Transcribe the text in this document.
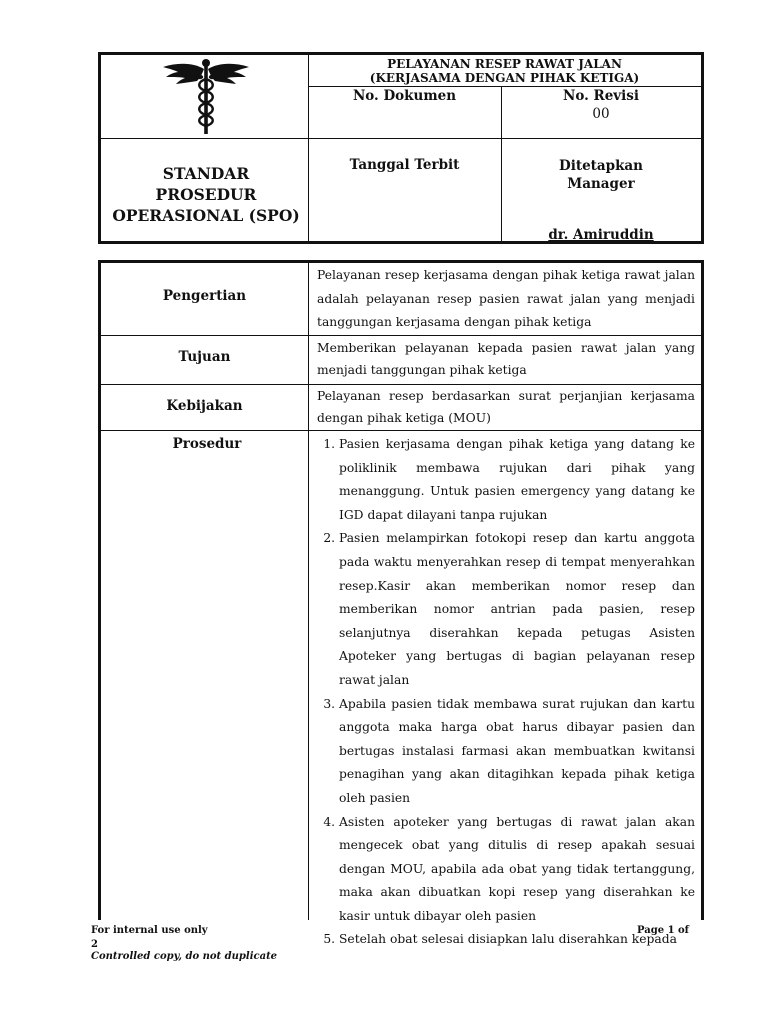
PELAYANAN RESEP RAWAT JALAN
(KERJASAMA DENGAN PIHAK KETIGA)
No. Dokumen	No. Revisi
00
STANDAR
PROSEDUR
OPERASIONAL (SPO)
Tanggal Terbit	Ditetapkan
Manager
dr. Amiruddin
Pengertian

Pelayanan resep kerjasama dengan pihak ketiga rawat jalan adalah pelayanan resep pasien rawat jalan yang menjadi tanggungan kerjasama dengan pihak ketiga

Tujuan

Memberikan pelayanan kepada pasien rawat jalan yang menjadi tanggungan pihak ketiga

Kebijakan

Pelayanan resep berdasarkan surat perjanjian kerjasama dengan pihak ketiga (MOU)

Prosedur
1.	Pasien kerjasama dengan pihak ketiga yang datang ke poliklinik membawa rujukan dari pihak yang menanggung. Untuk pasien emergency yang datang ke IGD dapat dilayani tanpa rujukan
2. Pasien melampirkan fotokopi resep dan kartu anggota pada waktu menyerahkan resep di tempat menyerahkan resep.Kasir akan memberikan nomor resep dan memberikan nomor antrian pada pasien, resep selanjutnya diserahkan kepada petugas Asisten Apoteker yang bertugas di bagian pelayanan resep rawat jalan
3. Apabila pasien tidak membawa surat rujukan dan kartu anggota maka harga obat harus dibayar pasien dan bertugas instalasi farmasi akan membuatkan kwitansi penagihan yang akan ditagihkan kepada pihak ketiga oleh pasien
4. Asisten apoteker yang bertugas di rawat jalan akan mengecek obat yang ditulis di resep apakah sesuai dengan MOU, apabila ada obat yang tidak tertanggung, maka akan dibuatkan kopi resep yang diserahkan ke kasir untuk dibayar oleh pasien
5. Setelah obat selesai disiapkan lalu diserahkan kepada
For internal use only	Page 1 of
2
Controlled copy, do not duplicate
